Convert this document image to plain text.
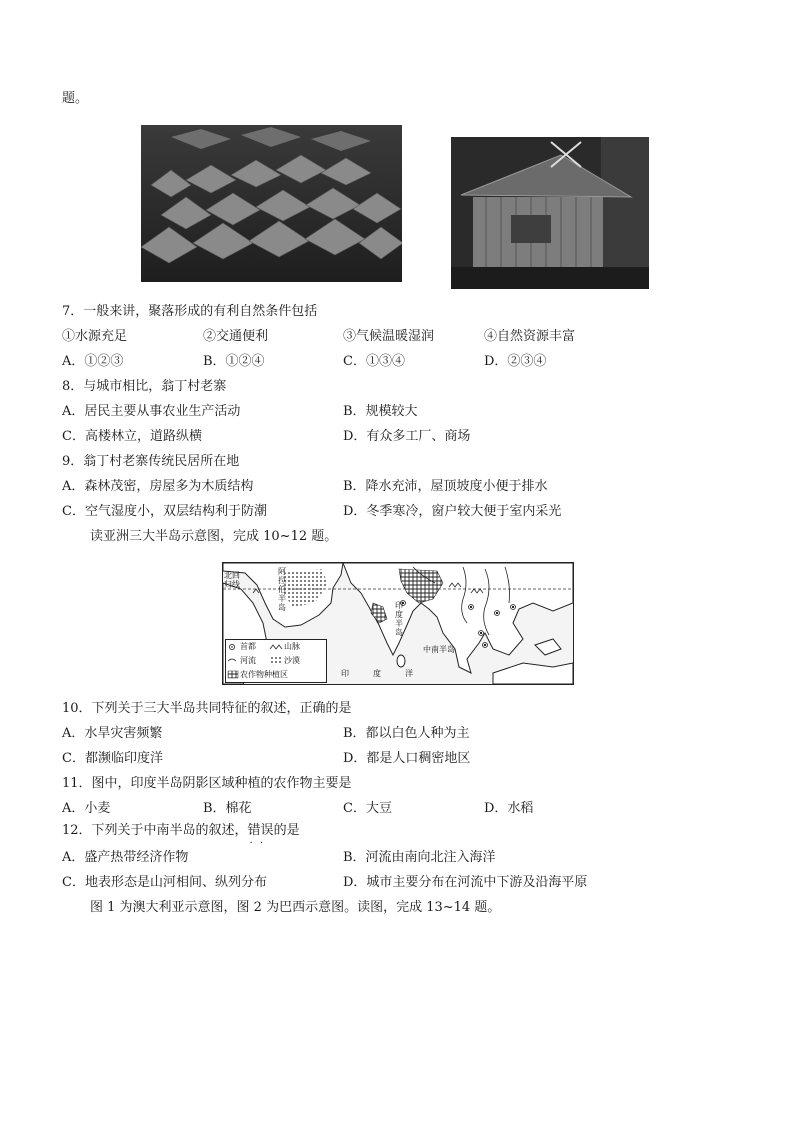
题。
7．一般来讲，聚落形成的有利自然条件包括
①水源充足	②交通便利	③气候温暖湿润	④自然资源丰富
A．①②③	B．①②④	C．①③④	D．②③④
8．与城市相比，翁丁村老寨
A．居民主要从事农业生产活动	B．规模较大
C．高楼林立，道路纵横	D．有众多工厂、商场
9．翁丁村老寨传统民居所在地
A．森林茂密，房屋多为木质结构	B．降水充沛，屋顶坡度小便于排水
C．空气湿度小，双层结构利于防潮	D．冬季寒冷，窗户较大便于室内采光
读亚洲三大半岛示意图，完成 10~12 题。
北回
归线
阿
拉
伯
半
岛	印
度
半
岛
中南半岛
印	度	洋
首都	山脉
河流	沙漠
农作物种植区
10．下列关于三大半岛共同特征的叙述，正确的是
A．水旱灾害频繁	B．都以白色人种为主
C．都濒临印度洋	D．都是人口稠密地区
11．图中，印度半岛阴影区域种植的农作物主要是
A．小麦	B．棉花	C．大豆	D．水稻
12．下列关于中南半岛的叙述，错误 · ·的是
A．盛产热带经济作物	B．河流由南向北注入海洋
C．地表形态是山河相间、纵列分布	D．城市主要分布在河流中下游及沿海平原
图 1 为澳大利亚示意图，图 2 为巴西示意图。读图，完成 13~14 题。
